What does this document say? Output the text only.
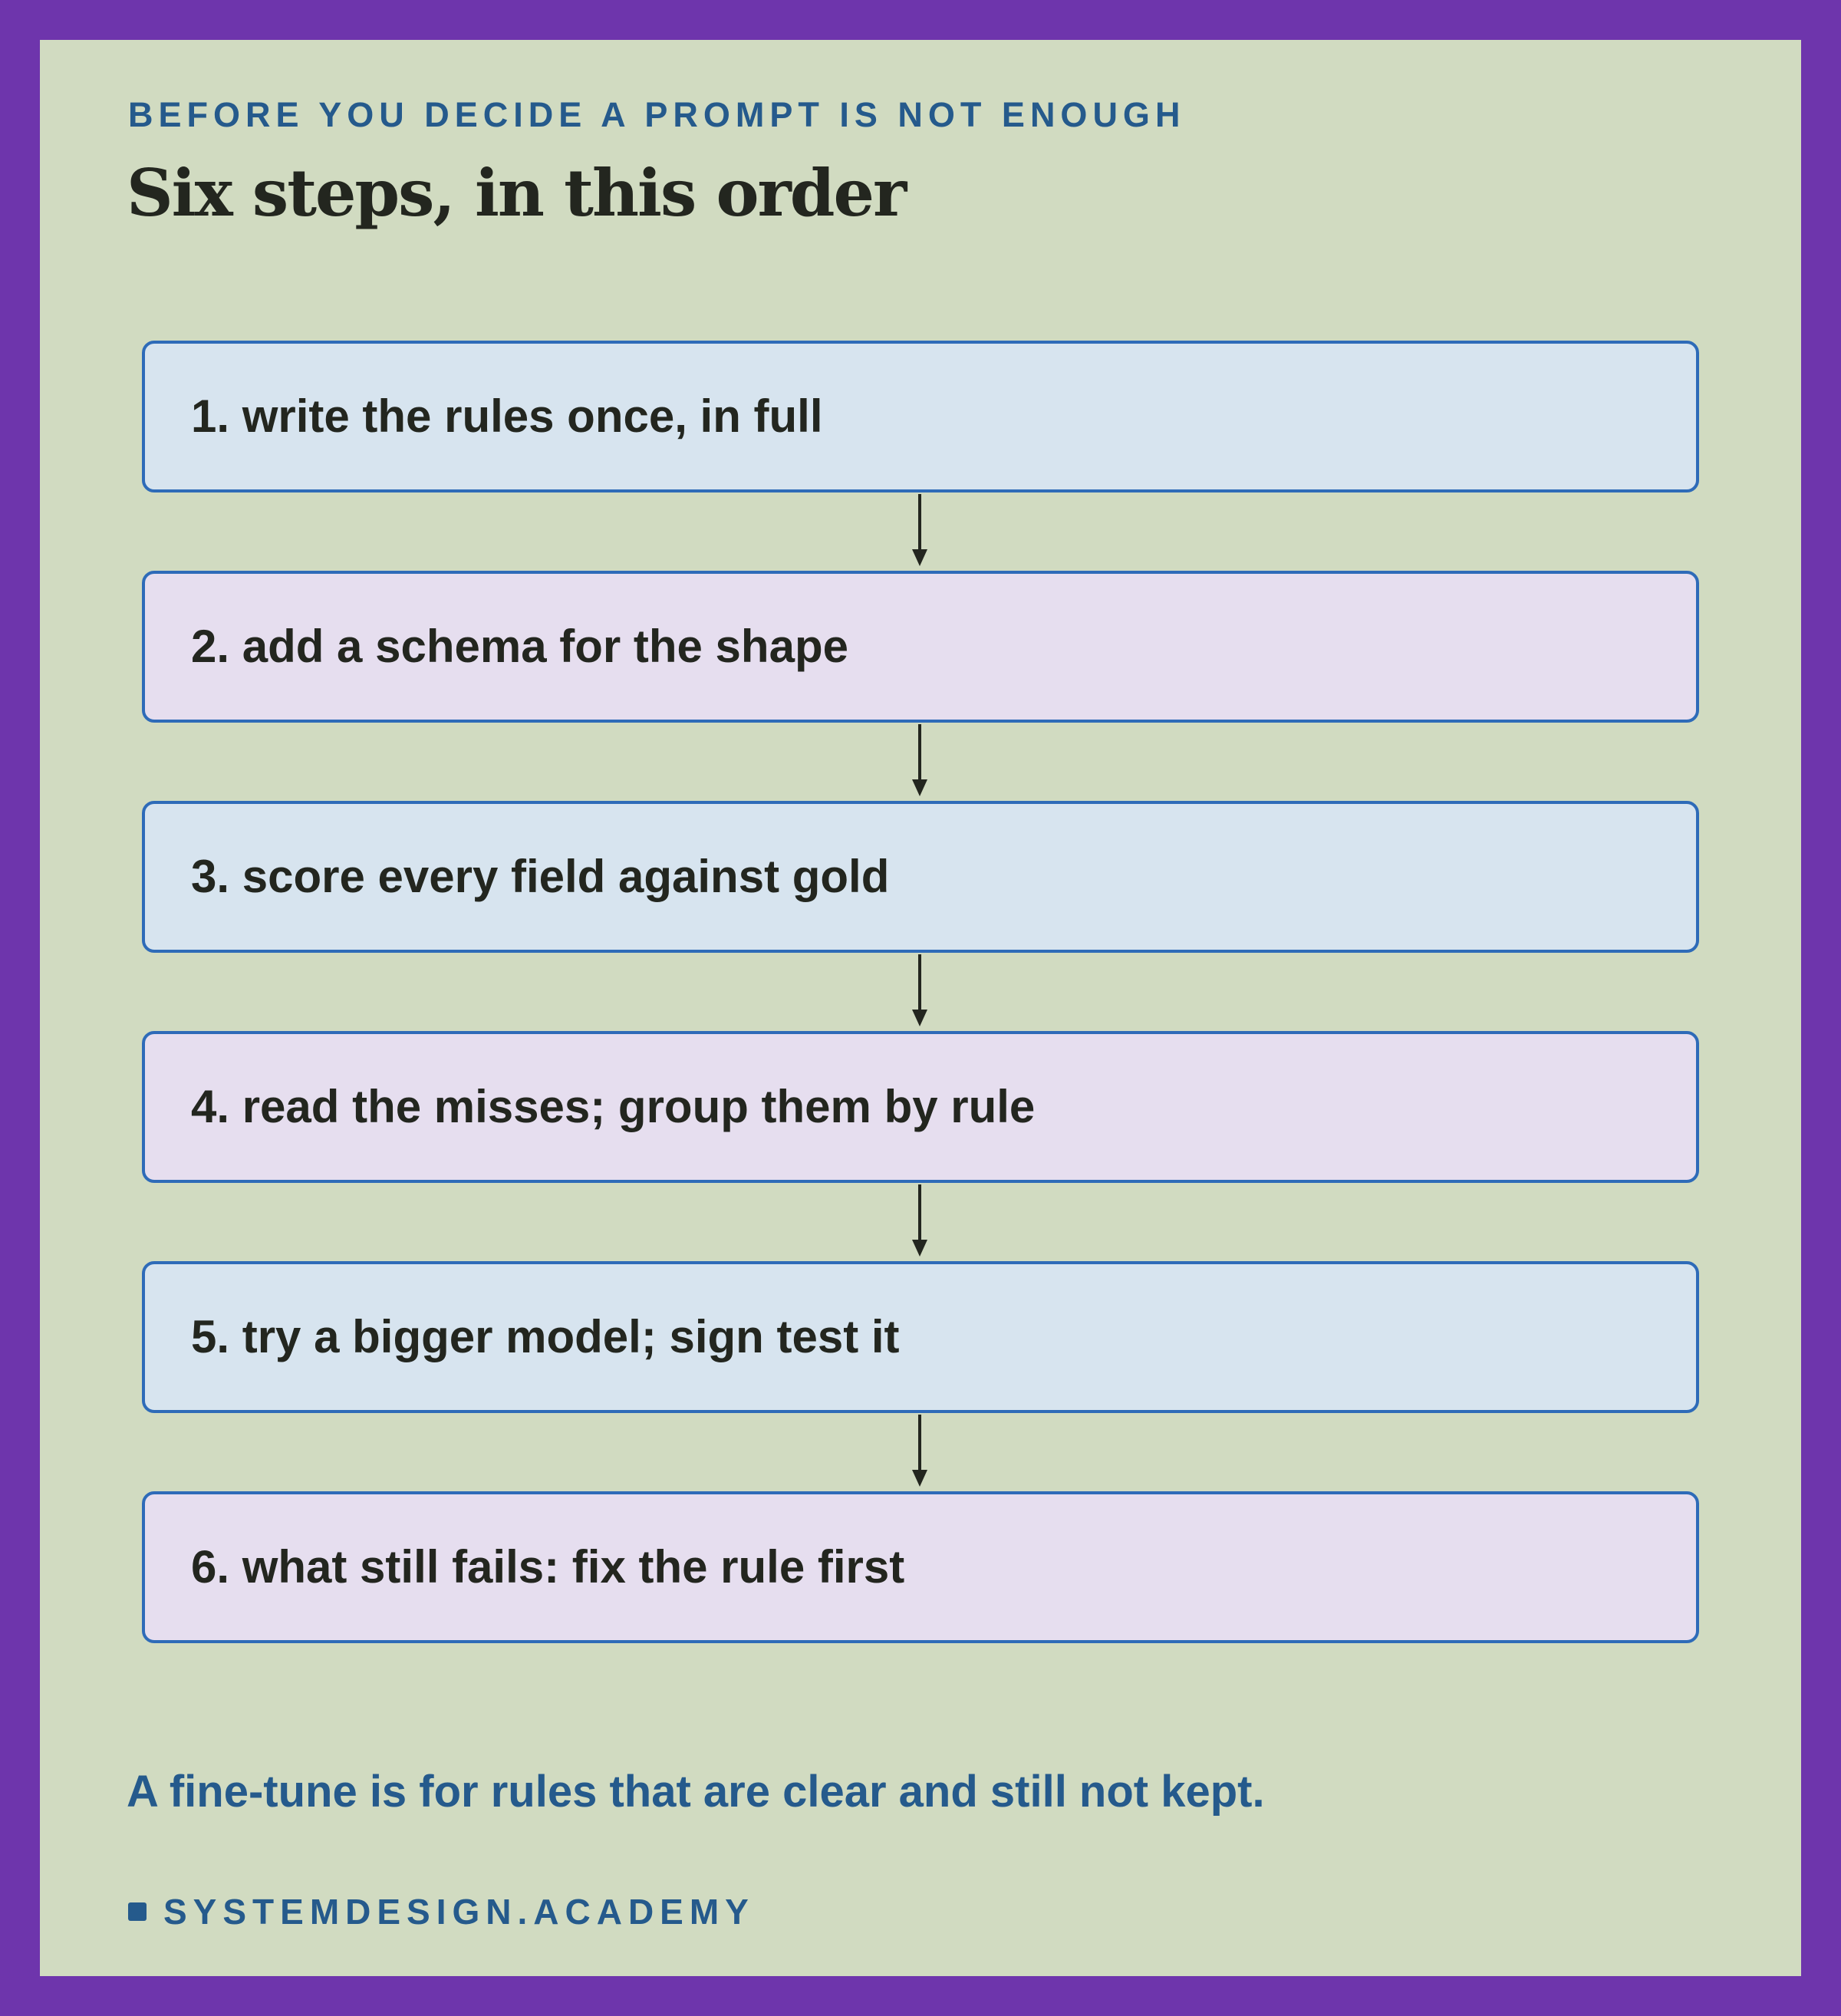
BEFORE YOU DECIDE A PROMPT IS NOT ENOUGH
Six steps, in this order
1. write the rules once, in full
2. add a schema for the shape
3. score every field against gold
4. read the misses; group them by rule
5. try a bigger model; sign test it
6. what still fails: fix the rule first
A fine-tune is for rules that are clear and still not kept.
SYSTEMDESIGN.ACADEMY
